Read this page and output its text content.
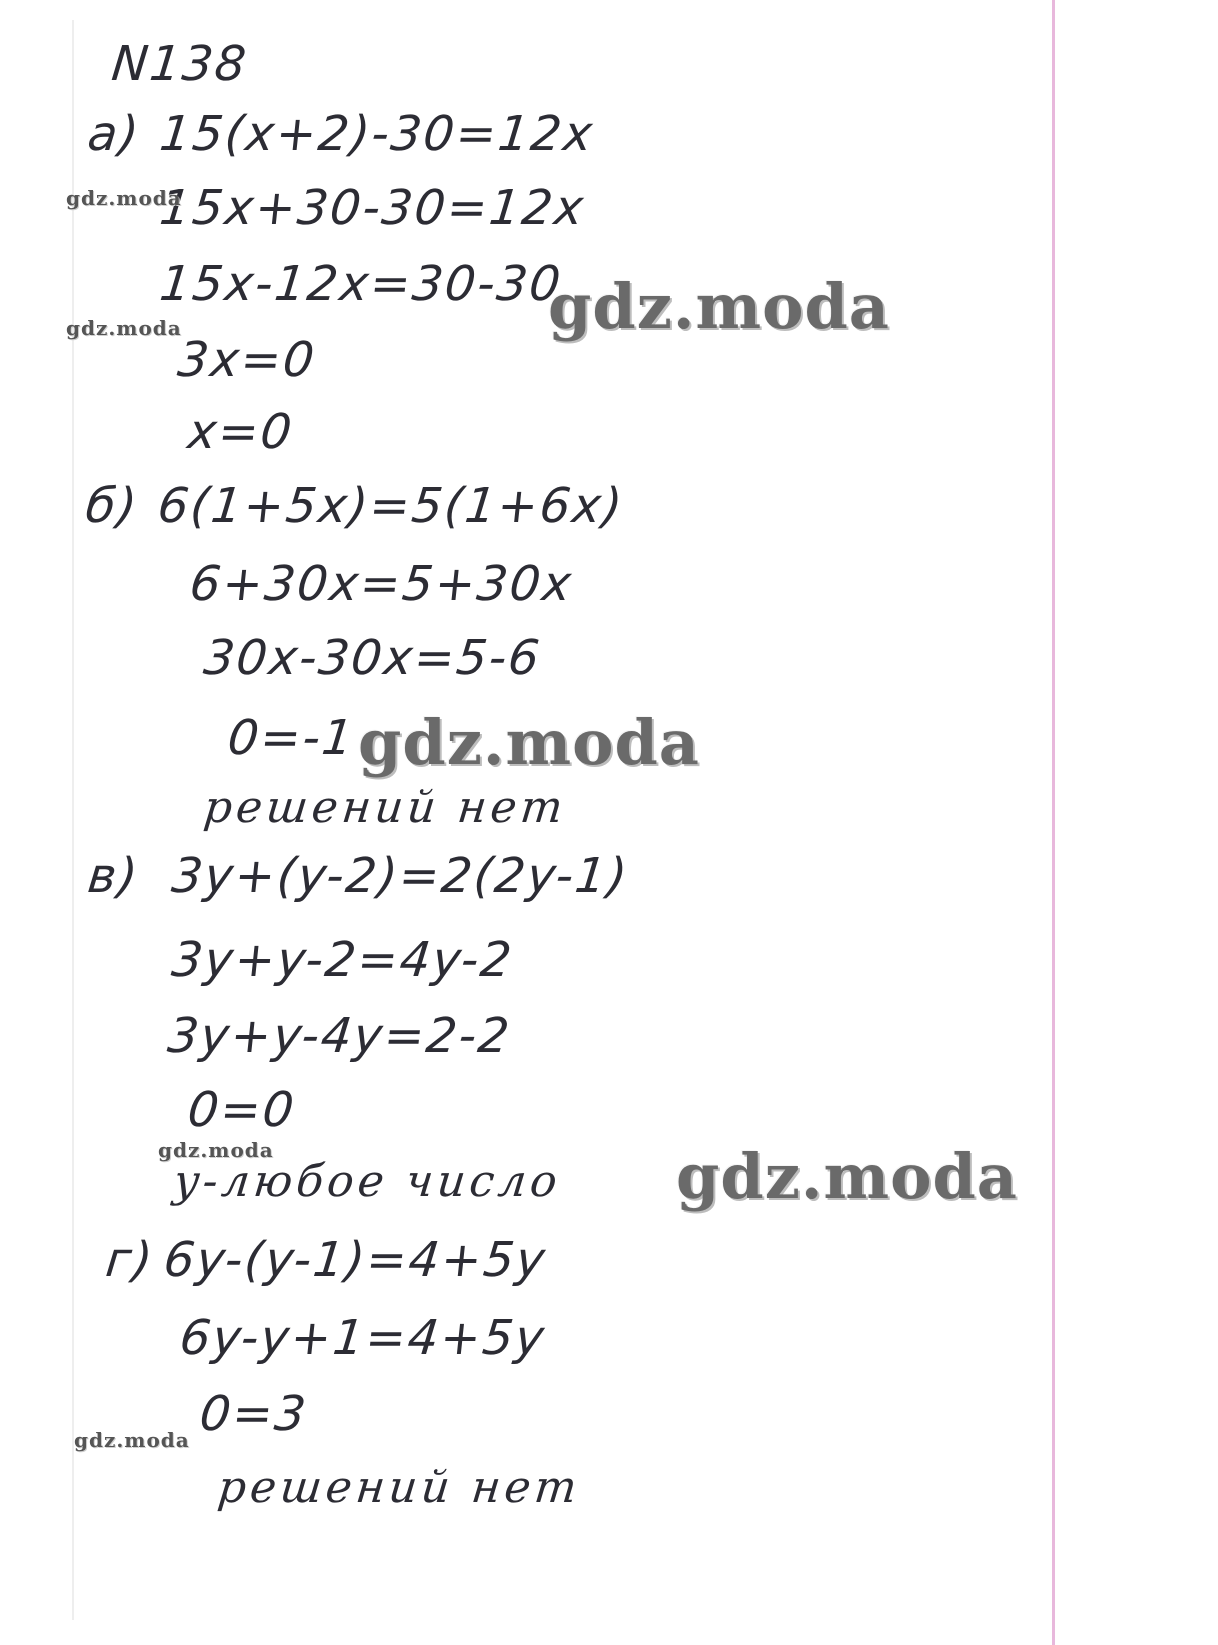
N138
а) 15(x+2)-30=12x
15x+30-30=12x
15x-12x=30-30
3x=0
x=0
б) 6(1+5x)=5(1+6x)
6+30x=5+30x
30x-30x=5-6
0=-1
решений нет
в) 3y+(y-2)=2(2y-1)
3y+y-2=4y-2
3y+y-4y=2-2
0=0
y-любое число
г) 6y-(y-1)=4+5y
6y-y+1=4+5y
0=3
решений нет
gdz.moda
gdz.moda	gdz.moda
gdz.moda
gdz.moda	gdz.moda
gdz.moda
